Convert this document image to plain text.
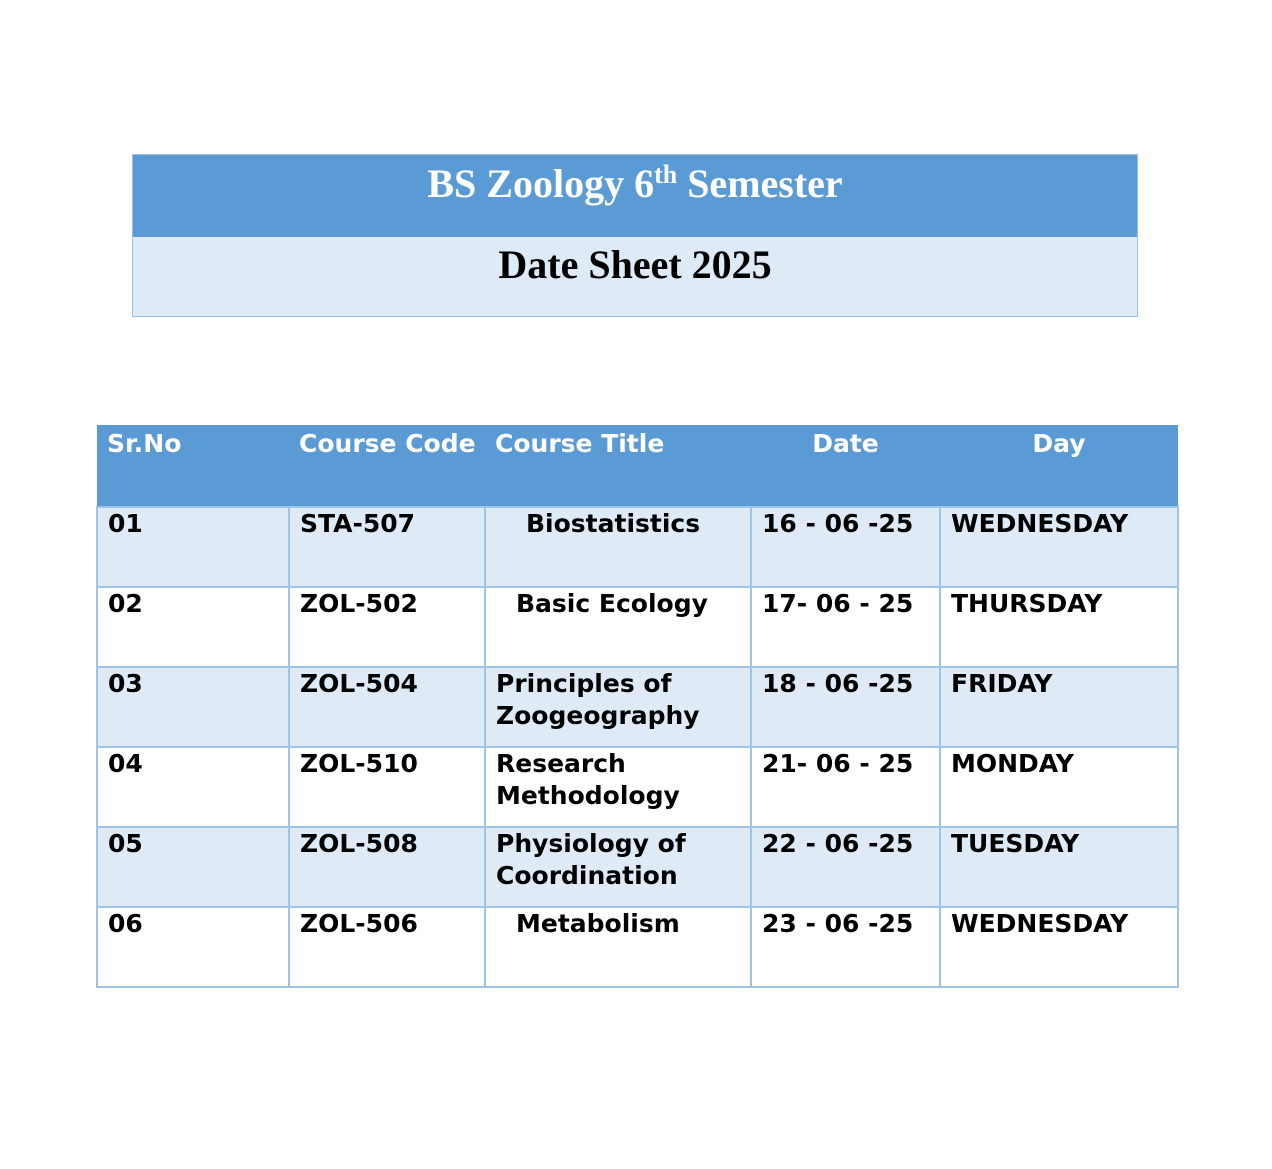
BS Zoology 6th Semester
Date Sheet 2025
Sr.No	Course Code	Course Title	Date	Day
01	STA-507	Biostatistics	16 - 06 -25	WEDNESDAY
02	ZOL-502	Basic Ecology	17- 06 - 25	THURSDAY
03	ZOL-504	Principles of Zoogeography	18 - 06 -25	FRIDAY
04	ZOL-510	Research Methodology	21- 06 - 25	MONDAY
05	ZOL-508	Physiology of Coordination	22 - 06 -25	TUESDAY
06	ZOL-506	Metabolism	23 - 06 -25	WEDNESDAY
